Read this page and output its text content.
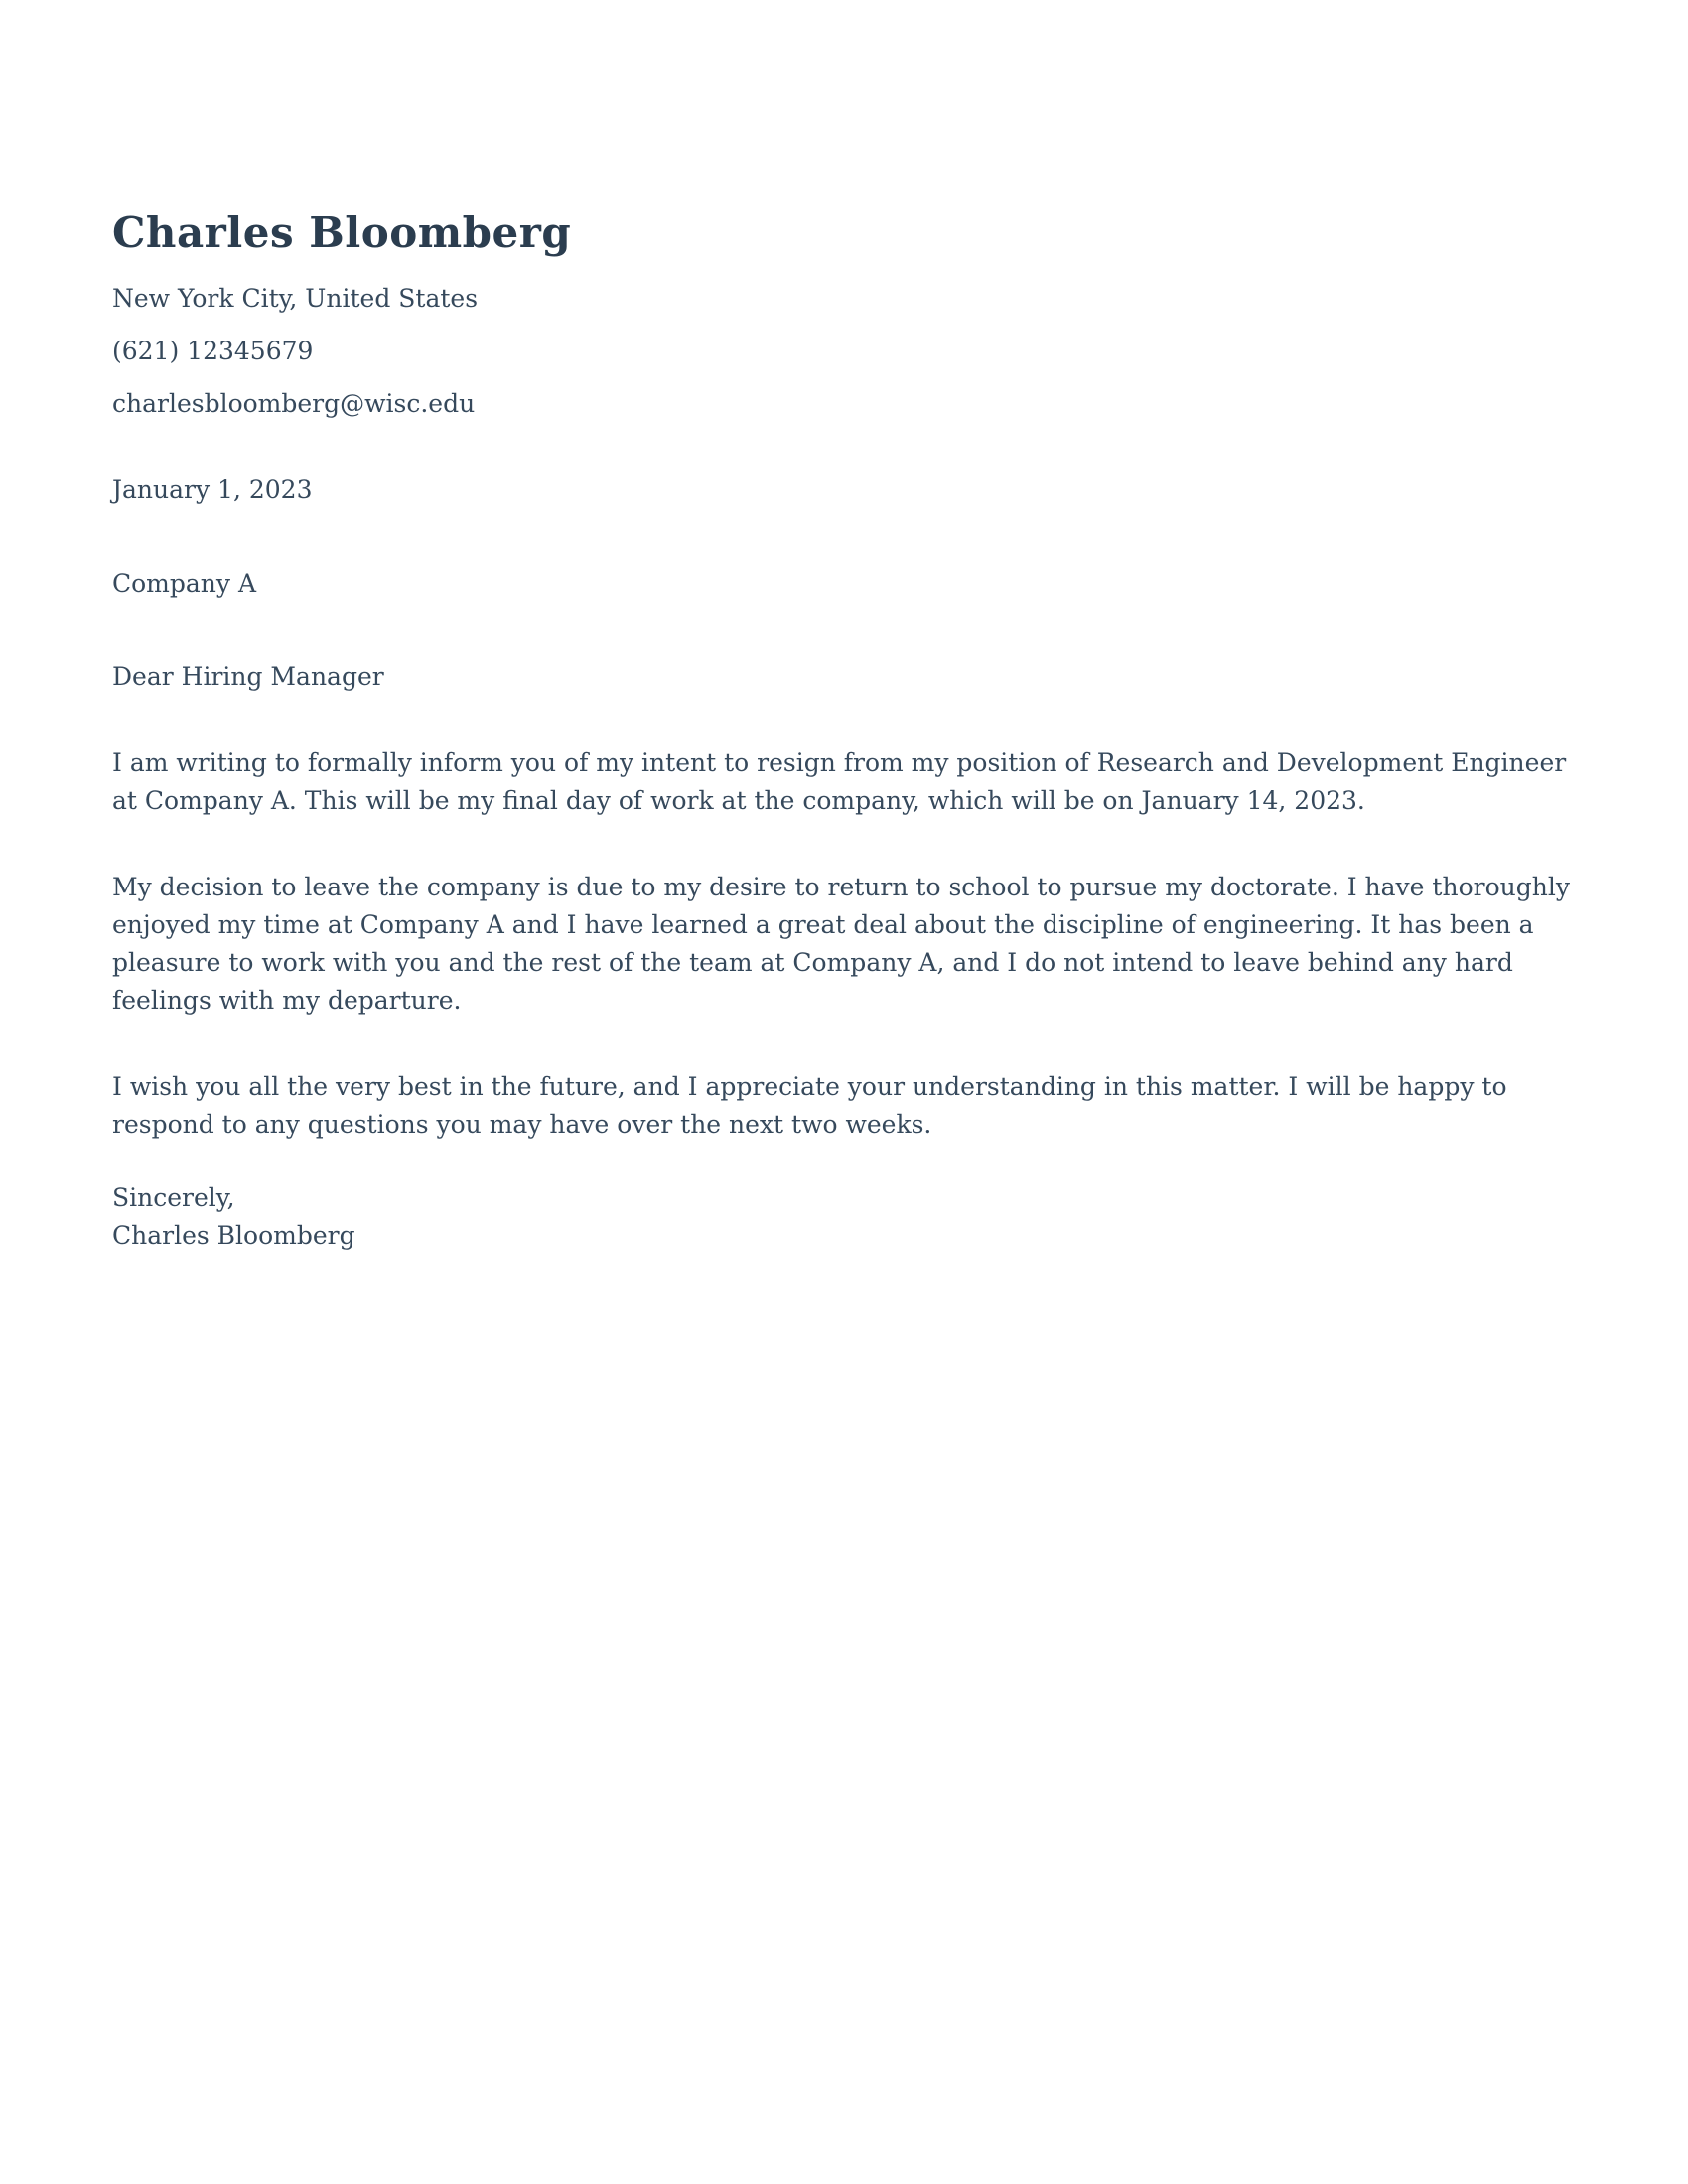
Charles Bloomberg
New York City, United States
(621) 12345679
charlesbloomberg@wisc.edu
January 1, 2023
Company A
Dear Hiring Manager

I am writing to formally inform you of my intent to resign from my position of Research and Development Engineer at Company A. This will be my final day of work at the company, which will be on January 14, 2023.

My decision to leave the company is due to my desire to return to school to pursue my doctorate. I have thoroughly enjoyed my time at Company A and I have learned a great deal about the discipline of engineering. It has been a pleasure to work with you and the rest of the team at Company A, and I do not intend to leave behind any hard feelings with my departure.

I wish you all the very best in the future, and I appreciate your understanding in this matter. I will be happy to respond to any questions you may have over the next two weeks.

Sincerely,
Charles Bloomberg
